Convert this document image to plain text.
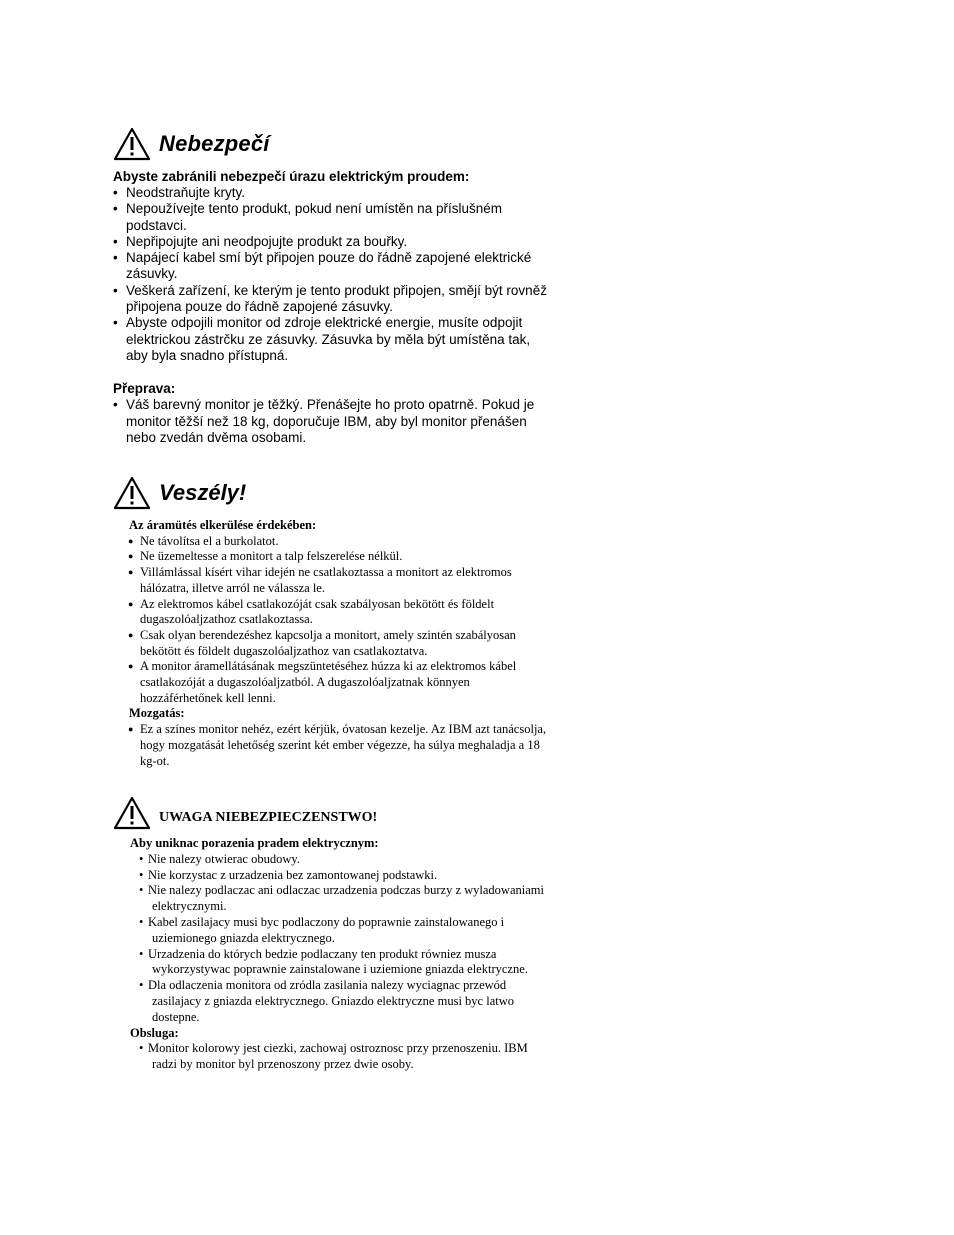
Nebezpečí
Abyste zabránili nebezpečí úrazu elektrickým proudem:
• Neodstraňujte kryty.
• Nepoužívejte tento produkt, pokud není umístěn na příslušném podstavci.
• Nepřipojujte ani neodpojujte produkt za bouřky.
• Napájecí kabel smí být připojen pouze do řádně zapojené elektrické zásuvky.
• Veškerá zařízení, ke kterým je tento produkt připojen, smějí být rovněž připojena pouze do řádně zapojené zásuvky.
• Abyste odpojili monitor od zdroje elektrické energie, musíte odpojit elektrickou zástrčku ze zásuvky. Zásuvka by měla být umístěna tak, aby byla snadno přístupná.
Přeprava:
• Váš barevný monitor je těžký. Přenášejte ho proto opatrně. Pokud je monitor těžší než 18 kg, doporučuje IBM, aby byl monitor přenášen nebo zvedán dvěma osobami.
Veszély!
Az áramütés elkerülése érdekében:
● Ne távolítsa el a burkolatot.
● Ne üzemeltesse a monitort a talp felszerelése nélkül.
● Villámlással kísért vihar idején ne csatlakoztassa a monitort az elektromos hálózatra, illetve arról ne válassza le.
● Az elektromos kábel csatlakozóját csak szabályosan bekötött és földelt dugaszolóaljzathoz csatlakoztassa.
● Csak olyan berendezéshez kapcsolja a monitort, amely szintén szabályosan bekötött és földelt dugaszolóaljzathoz van csatlakoztatva.
● A monitor áramellátásának megszüntetéséhez húzza ki az elektromos kábel csatlakozóját a dugaszolóaljzatból. A dugaszolóaljzatnak könnyen hozzáférhetőnek kell lenni.
Mozgatás:
● Ez a színes monitor nehéz, ezért kérjük, óvatosan kezelje. Az IBM azt tanácsolja, hogy mozgatását lehetőség szerint két ember végezze, ha súlya meghaladja a 18 kg-ot.
UWAGA NIEBEZPIECZENSTWO!
Aby uniknac porazenia pradem elektrycznym:
• Nie nalezy otwierac obudowy.
• Nie korzystac z urzadzenia bez zamontowanej podstawki.
• Nie nalezy podlaczac ani odlaczac urzadzenia podczas burzy z wyladowaniami elektrycznymi.
• Kabel zasilajacy musi byc podlaczony do poprawnie zainstalowanego i uziemionego gniazda elektrycznego.
• Urzadzenia do których bedzie podlaczany ten produkt równiez musza wykorzystywac poprawnie zainstalowane i uziemione gniazda elektryczne.
• Dla odlaczenia monitora od zródla zasilania nalezy wyciagnac przewód zasilajacy z gniazda elektrycznego. Gniazdo elektryczne musi byc latwo dostepne.
Obsluga:
• Monitor kolorowy jest ciezki, zachowaj ostroznosc przy przenoszeniu. IBM radzi by monitor byl przenoszony przez dwie osoby.
